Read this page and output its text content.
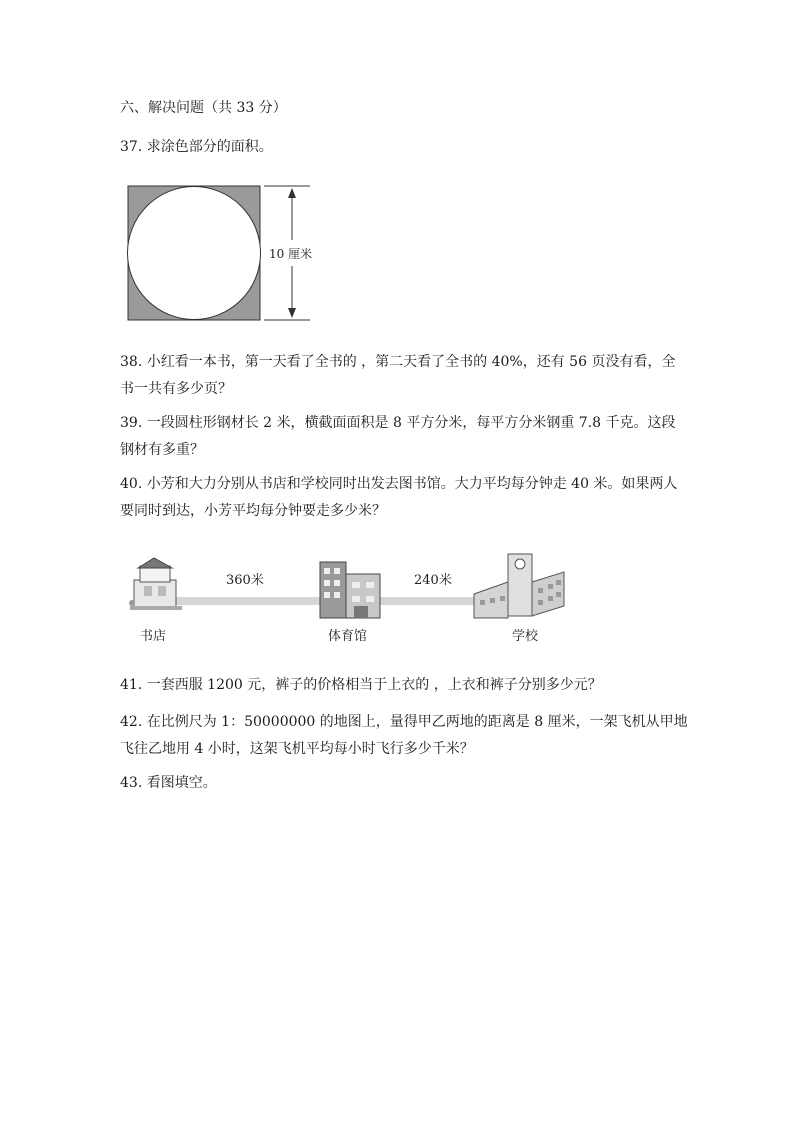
六、解决问题（共 33 分）
37. 求涂色部分的面积。
10 厘米
38. 小红看一本书，第一天看了全书的 ，第二天看了全书的 40%，还有 56 页没有看，全
书一共有多少页？
39. 一段圆柱形钢材长 2 米，横截面面积是 8 平方分米，每平方分米钢重 7.8 千克。这段
钢材有多重？
40. 小芳和大力分别从书店和学校同时出发去图书馆。大力平均每分钟走 40 米。如果两人
要同时到达，小芳平均每分钟要走多少米？
360米	240米
书店	体育馆	学校
41. 一套西服 1200 元，裤子的价格相当于上衣的 ，上衣和裤子分别多少元？
42. 在比例尺为 1：50000000 的地图上，量得甲乙两地的距离是 8 厘米，一架飞机从甲地
飞往乙地用 4 小时，这架飞机平均每小时飞行多少千米？
43. 看图填空。
